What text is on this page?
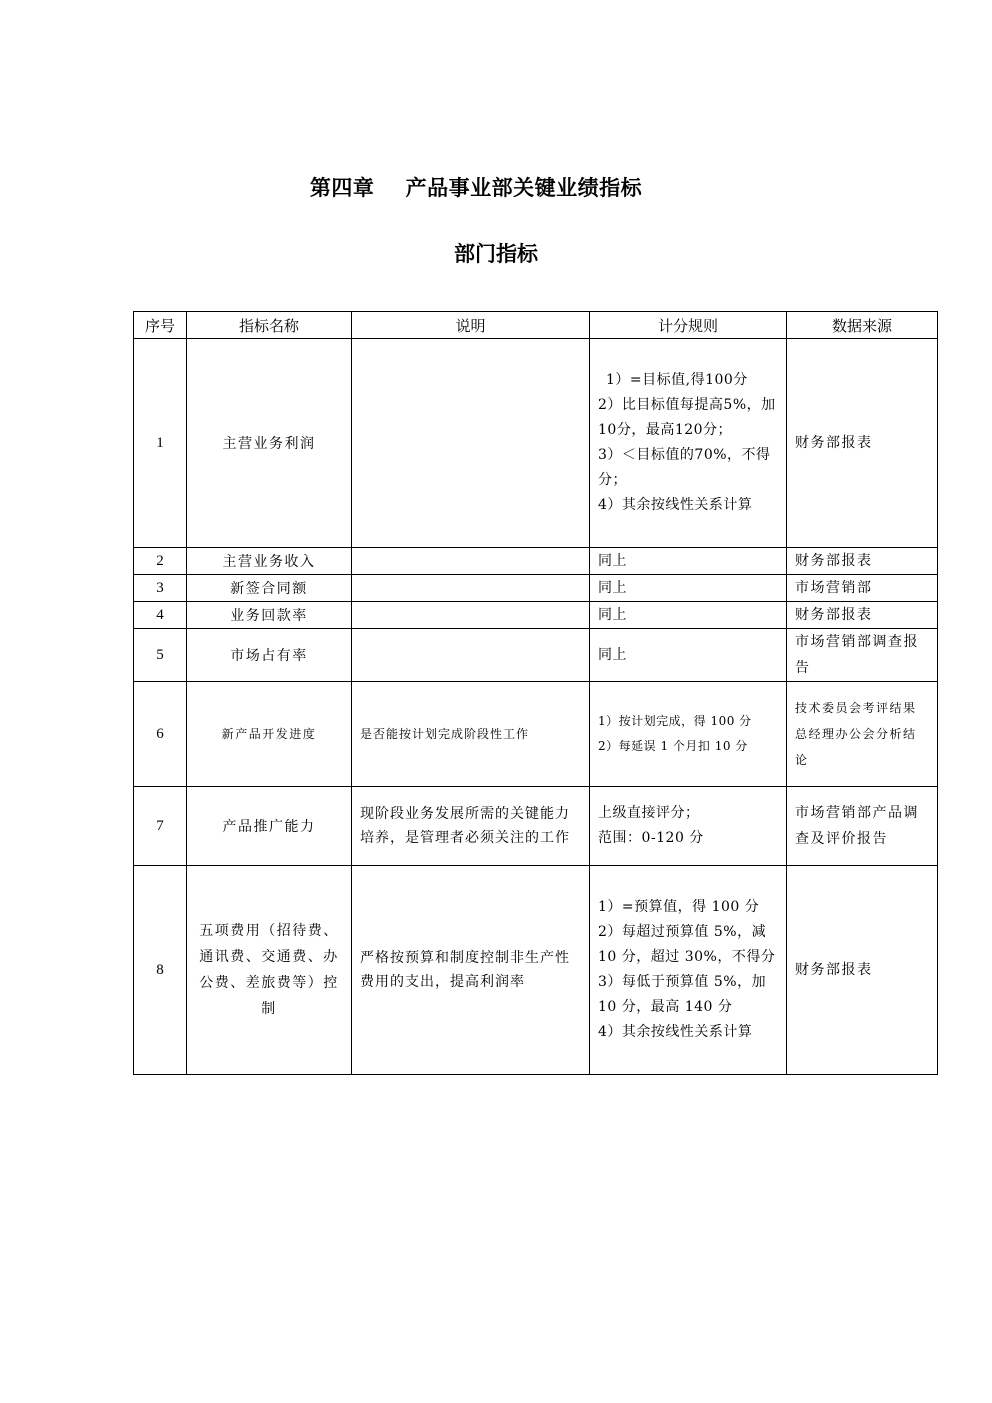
第四章    产品事业部关键业绩指标
部门指标
序号	指标名称	说明	计分规则	数据来源
1	主营业务利润		1）=目标值,得100分
2）比目标值每提高5%，加10分，最高120分；
3）＜目标值的70%，不得分；
4）其余按线性关系计算	财务部报表
2	主营业务收入		同上	财务部报表
3	新签合同额		同上	市场营销部
4	业务回款率		同上	财务部报表
5	市场占有率		同上	市场营销部调查报告
6	新产品开发进度	是否能按计划完成阶段性工作	1）按计划完成，得 100 分
2）每延误 1 个月扣 10 分	技术委员会考评结果总经理办公会分析结论
7	产品推广能力	现阶段业务发展所需的关键能力培养，是管理者必须关注的工作	上级直接评分；
范围：0-120 分	市场营销部产品调查及评价报告
8	五项费用（招待费、通讯费、交通费、办公费、差旅费等）控制	严格按预算和制度控制非生产性费用的支出，提高利润率	1）=预算值，得 100 分
2）每超过预算值 5%，减 10 分，超过 30%，不得分
3）每低于预算值 5%，加 10 分，最高 140 分
4）其余按线性关系计算	财务部报表
